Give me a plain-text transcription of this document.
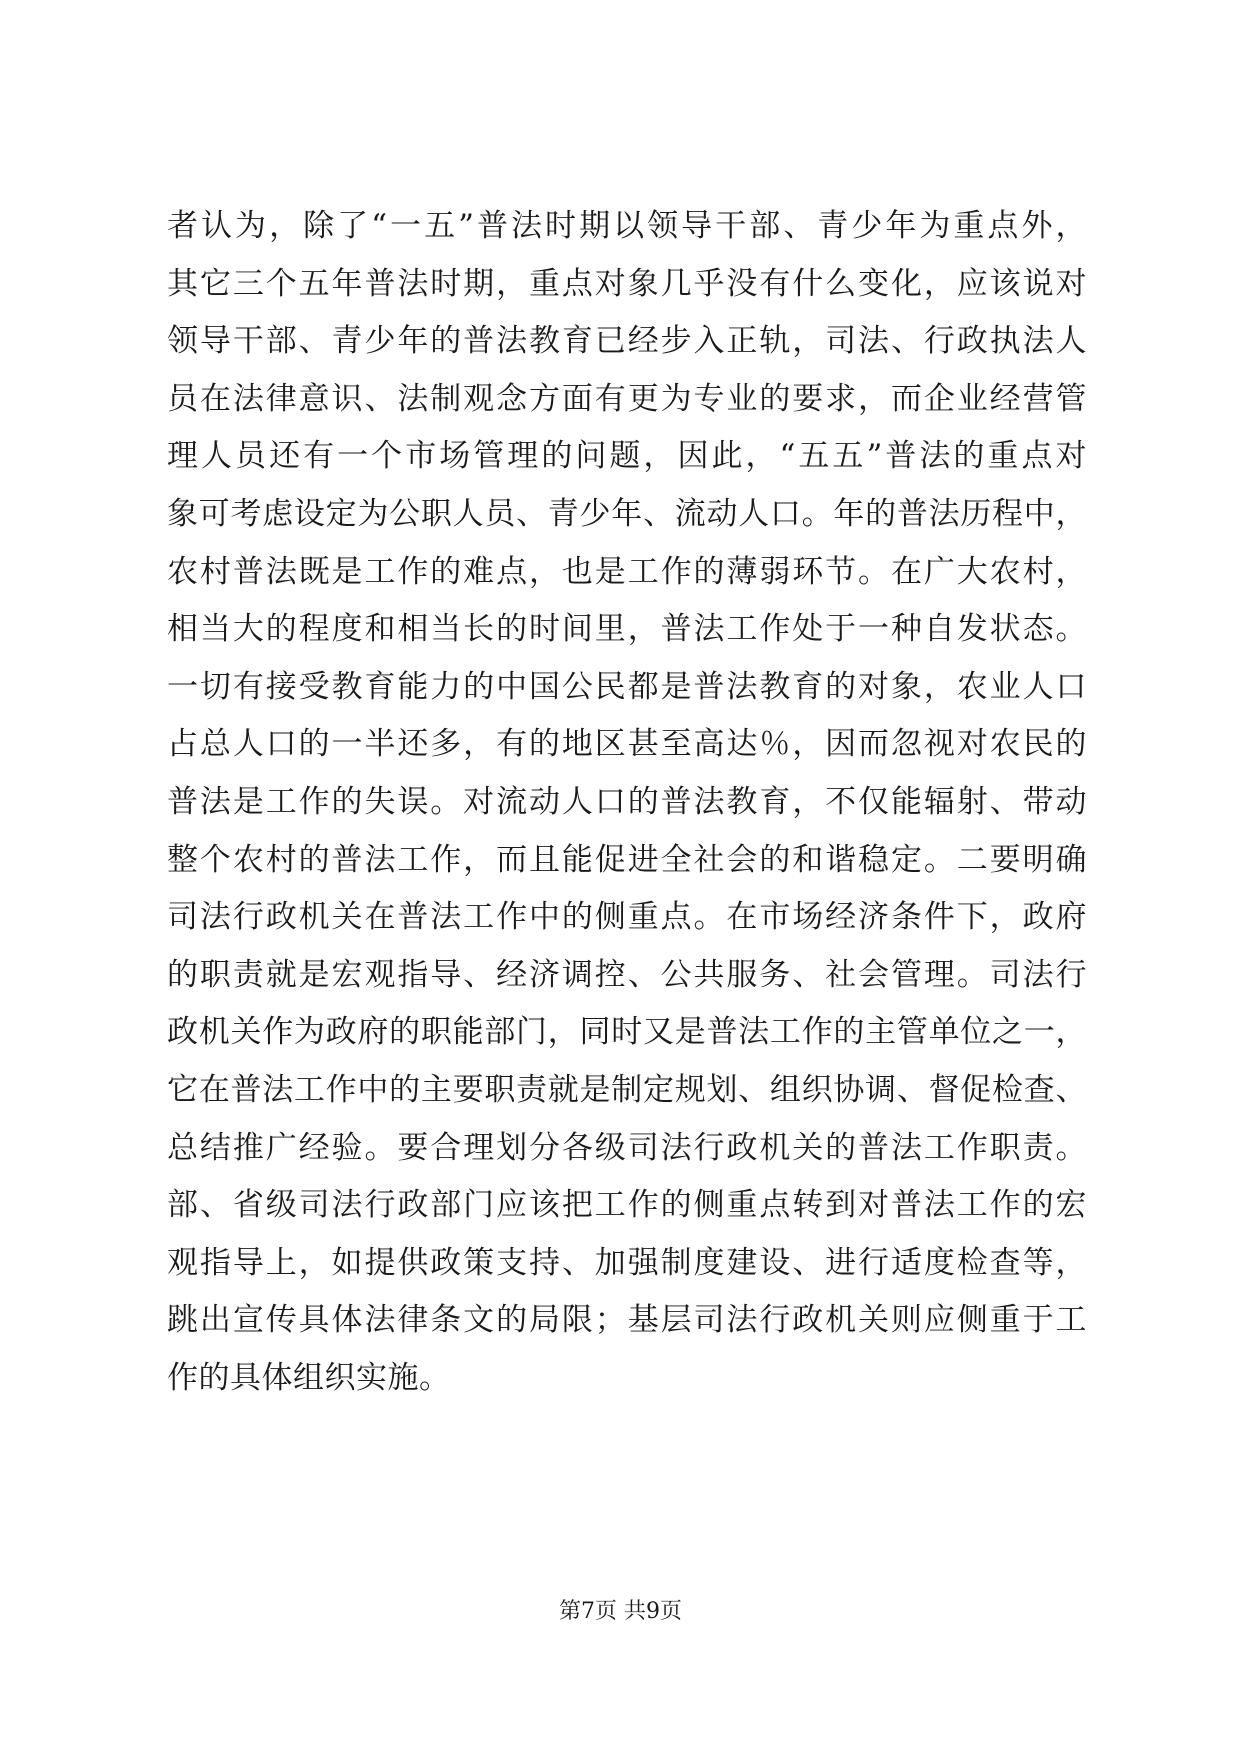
者认为，除了“一五”普法时期以领导干部、青少年为重点外，
其它三个五年普法时期，重点对象几乎没有什么变化，应该说对
领导干部、青少年的普法教育已经步入正轨，司法、行政执法人
员在法律意识、法制观念方面有更为专业的要求，而企业经营管
理人员还有一个市场管理的问题，因此，“五五”普法的重点对
象可考虑设定为公职人员、青少年、流动人口。年的普法历程中，
农村普法既是工作的难点，也是工作的薄弱环节。在广大农村，
相当大的程度和相当长的时间里，普法工作处于一种自发状态。
一切有接受教育能力的中国公民都是普法教育的对象，农业人口
占总人口的一半还多，有的地区甚至高达％，因而忽视对农民的
普法是工作的失误。对流动人口的普法教育，不仅能辐射、带动
整个农村的普法工作，而且能促进全社会的和谐稳定。二要明确
司法行政机关在普法工作中的侧重点。在市场经济条件下，政府
的职责就是宏观指导、经济调控、公共服务、社会管理。司法行
政机关作为政府的职能部门，同时又是普法工作的主管单位之一，
它在普法工作中的主要职责就是制定规划、组织协调、督促检查、
总结推广经验。要合理划分各级司法行政机关的普法工作职责。
部、省级司法行政部门应该把工作的侧重点转到对普法工作的宏
观指导上，如提供政策支持、加强制度建设、进行适度检查等，
跳出宣传具体法律条文的局限；基层司法行政机关则应侧重于工
作的具体组织实施。
第7页 共9页
